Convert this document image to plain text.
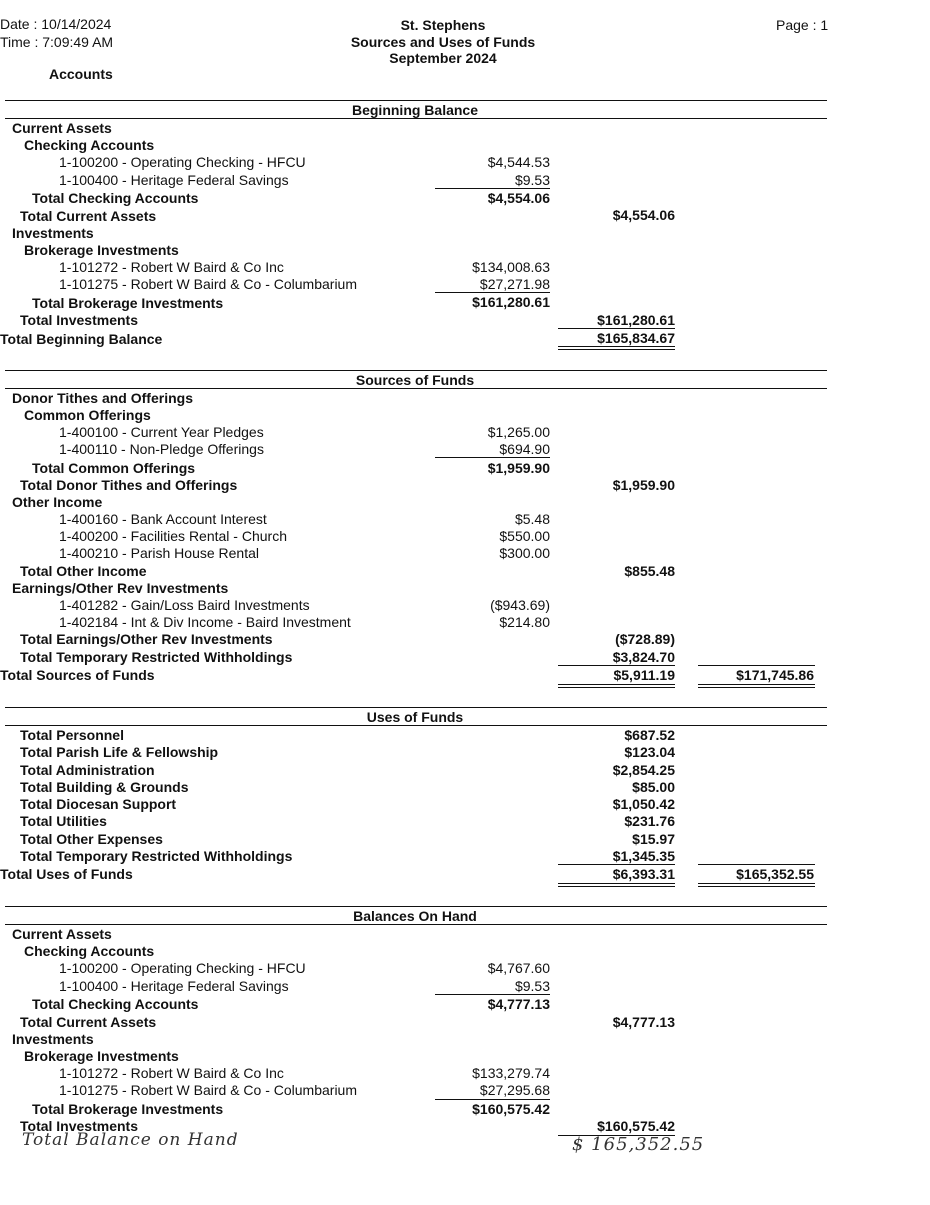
Date : 10/14/2024
Time : 7:09:49 AM
Accounts
St. Stephens
Sources and Uses of Funds
September 2024
Page : 1
Beginning Balance
Current Assets
Checking Accounts
1-100200 - Operating Checking - HFCU	$4,544.53
1-100400 - Heritage Federal Savings	$9.53
Total Checking Accounts	$4,554.06
Total Current Assets	$4,554.06
Investments
Brokerage Investments
1-101272 - Robert W Baird & Co Inc	$134,008.63
1-101275 - Robert W Baird & Co - Columbarium	$27,271.98
Total Brokerage Investments	$161,280.61
Total Investments	$161,280.61
Total Beginning Balance	$165,834.67
Sources of Funds
Donor Tithes and Offerings
Common Offerings
1-400100 - Current Year Pledges	$1,265.00
1-400110 - Non-Pledge Offerings	$694.90
Total Common Offerings	$1,959.90
Total Donor Tithes and Offerings	$1,959.90
Other Income
1-400160 - Bank Account Interest	$5.48
1-400200 - Facilities Rental - Church	$550.00
1-400210 - Parish House Rental	$300.00
Total Other Income	$855.48
Earnings/Other Rev Investments
1-401282 - Gain/Loss Baird Investments	($943.69)
1-402184 - Int & Div Income - Baird Investment	$214.80
Total Earnings/Other Rev Investments	($728.89)
Total Temporary Restricted Withholdings	$3,824.70
Total Sources of Funds	$5,911.19	$171,745.86
Uses of Funds
Total Personnel	$687.52
Total Parish Life & Fellowship	$123.04
Total Administration	$2,854.25
Total Building & Grounds	$85.00
Total Diocesan Support	$1,050.42
Total Utilities	$231.76
Total Other Expenses	$15.97
Total Temporary Restricted Withholdings	$1,345.35
Total Uses of Funds	$6,393.31	$165,352.55
Balances On Hand
Current Assets
Checking Accounts
1-100200 - Operating Checking - HFCU	$4,767.60
1-100400 - Heritage Federal Savings	$9.53
Total Checking Accounts	$4,777.13
Total Current Assets	$4,777.13
Investments
Brokerage Investments
1-101272 - Robert W Baird & Co Inc	$133,279.74
1-101275 - Robert W Baird & Co - Columbarium	$27,295.68
Total Brokerage Investments	$160,575.42
Total Investments	$160,575.42
Total Balance on Hand	$ 165,352.55
